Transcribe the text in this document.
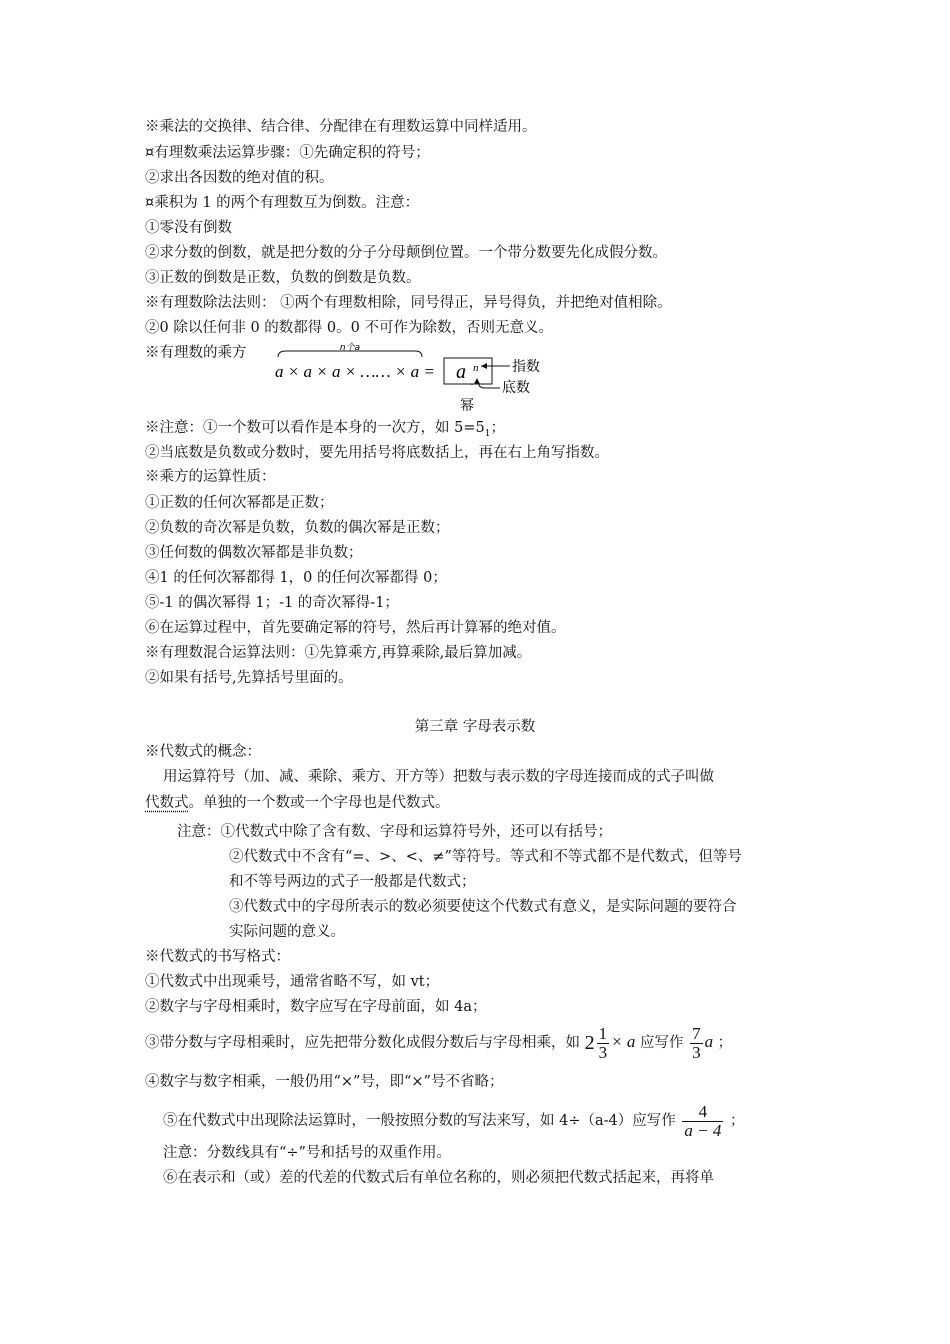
※乘法的交换律、结合律、分配律在有理数运算中同样适用。
¤有理数乘法运算步骤：①先确定积的符号；
②求出各因数的绝对值的积。
¤乘积为 1 的两个有理数互为倒数。注意：
①零没有倒数
②求分数的倒数，就是把分数的分子分母颠倒位置。一个带分数要先化成假分数。
③正数的倒数是正数，负数的倒数是负数。
※有理数除法法则： ①两个有理数相除，同号得正，异号得负，并把绝对值相除。
②0 除以任何非 0 的数都得 0。0 不可作为除数，否则无意义。
※有理数的乘方	n个a
a × a × a × …… × a = a n 指数
底数
幂
※注意：①一个数可以看作是本身的一次方，如 $5=5_1$；
②当底数是负数或分数时，要先用括号将底数括上，再在右上角写指数。
※乘方的运算性质：
①正数的任何次幂都是正数；
②负数的奇次幂是负数，负数的偶次幂是正数；
③任何数的偶数次幂都是非负数；
④1 的任何次幂都得 1，0 的任何次幂都得 0；
⑤-1 的偶次幂得 1；-1 的奇次幂得-1；
⑥在运算过程中，首先要确定幂的符号，然后再计算幂的绝对值。
※有理数混合运算法则：①先算乘方,再算乘除,最后算加减。
②如果有括号,先算括号里面的。
第三章 字母表示数
※代数式的概念：
用运算符号（加、减、乘除、乘方、开方等）把数与表示数的字母连接而成的式子叫做
代数式。单独的一个数或一个字母也是代数式。
注意：①代数式中除了含有数、字母和运算符号外，还可以有括号；
②代数式中不含有“=、>、<、≠”等符号。等式和不等式都不是代数式，但等号
和不等号两边的式子一般都是代数式；
③代数式中的字母所表示的数必须要使这个代数式有意义，是实际问题的要符合
实际问题的意义。
※代数式的书写格式：
①代数式中出现乘号，通常省略不写，如 vt；
②数字与字母相乘时，数字应写在字母前面，如 4a；
③带分数与字母相乘时，应先把带分数化成假分数后与字母相乘，如 $2 \frac{1}{3} \times a$ 应写作 $\frac{7}{3}$ a ；
④数字与数字相乘，一般仍用“×”号，即“×”号不省略；
⑤在代数式中出现除法运算时，一般按照分数的写法来写，如 4÷（a-4）应写作 $\frac{4}{a - 4}$ ；
注意：分数线具有“÷”号和括号的双重作用。
⑥在表示和（或）差的代差的代数式后有单位名称的，则必须把代数式括起来，再将单
